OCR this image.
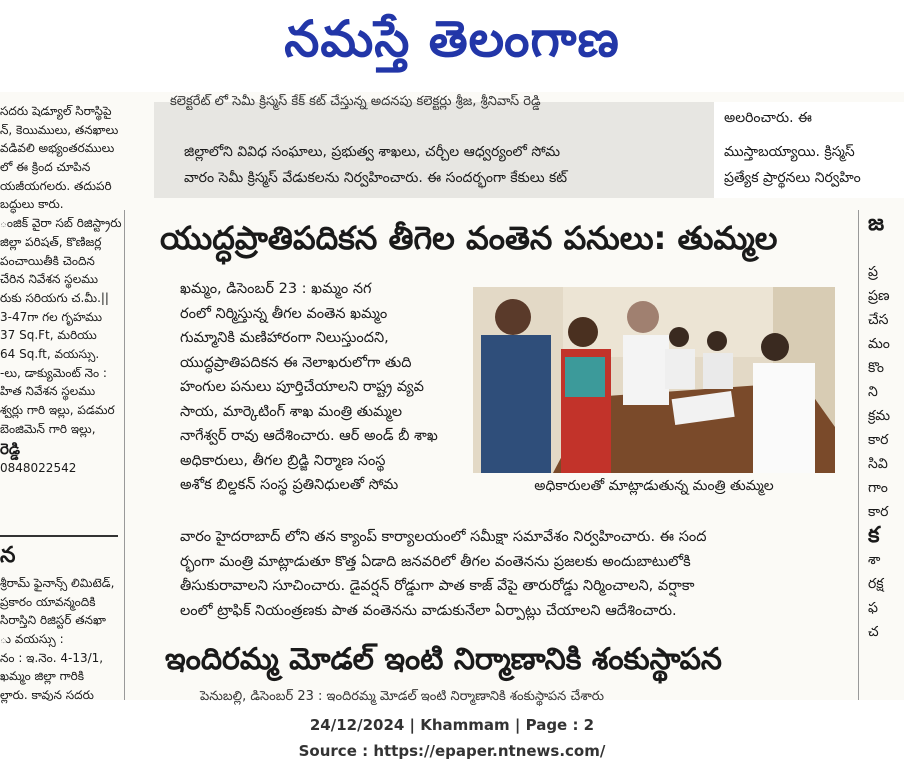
నమస్తే తెలంగాణ
సదరు షెడ్యూల్ సిరాస్థిపై
న్, కెయిములు, తనఖాలు
వడివలి అభ్యంతరములు
లో ఈ క్రింద చూపిన
యజీయగలరు. తదుపరి
బద్ధులు కారు.
ంజిక్ వైరా సబ్ రిజిస్ట్రారు
జిల్లా పరిషత్, కొణిజర్ల
పంచాయితీకి చెందిన
చేరిన నివేశన స్థలము
రుకు సరియగు చ.మీ.||
3-47గా గల గృహము
37 Sq.Ft, మరియు
64 Sq.ft, వయస్సు.
-లు, డాక్యుమెంట్ నెం :
హిత నివేశన స్థలము
శ్వర్లు గారి ఇల్లు, పడమర
బెంజిమెన్ గారి ఇల్లు,
రెడ్డి
0848022542
న
శ్రీరామ్ ఫైనాన్స్ లిమిటెడ్,
ప్రకారం యావన్మందికి
సిరాస్తిని రిజిస్టర్ తనఖా
ు వయస్సు :
నం : ఇ.నెం. 4-13/1,
ఖమ్మం జిల్లా గారికి
ల్లారు. కావున సదరు
కలెక్టరేట్ లో సెమీ క్రిస్మస్ కేక్ కట్ చేస్తున్న అదనపు కలెక్టర్లు శ్రీజ, శ్రీనివాస్ రెడ్డి
జిల్లాలోని వివిధ సంఘాలు, ప్రభుత్వ శాఖలు, చర్చీల ఆధ్వర్యంలో సోమ
వారం సెమీ క్రిస్మస్ వేడుకలను నిర్వహించారు. ఈ సందర్భంగా కేకులు కట్
అలరించారు. ఈ
ముస్తాబయ్యాయి. క్రిస్మస్
ప్రత్యేక ప్రార్థనలు నిర్వహిం
యుద్ధప్రాతిపదికన తీగెల వంతెన పనులు: తుమ్మల
ఖమ్మం, డిసెంబర్ 23 : ఖమ్మం నగ
రంలో నిర్మిస్తున్న తీగల వంతెన ఖమ్మం
గుమ్మానికి మణిహారంగా నిలుస్తుందని,
యుద్ధప్రాతిపదికన ఈ నెలాఖరులోగా తుది
హంగుల పనులు పూర్తిచేయాలని రాష్ట్ర వ్యవ
సాయ, మార్కెటింగ్ శాఖ మంత్రి తుమ్మల
నాగేశ్వర్ రావు ఆదేశించారు. ఆర్ అండ్ బీ శాఖ
అధికారులు, తీగల బ్రిడ్జి నిర్మాణ సంస్థ
అశోక బిల్డకన్ సంస్థ ప్రతినిధులతో సోమ	అధికారులతో మాట్లాడుతున్న మంత్రి తుమ్మల
వారం హైదరాబాద్ లోని తన క్యాంప్ కార్యాలయంలో సమీక్షా సమావేశం నిర్వహించారు. ఈ సంద
ర్భంగా మంత్రి మాట్లాడుతూ కొత్త ఏడాది జనవరిలో తీగల వంతెనను ప్రజలకు అందుబాటులోకి
తీసుకురావాలని సూచించారు. డైవర్షన్ రోడ్డుగా పాత కాజ్ వేపై తారురోడ్డు నిర్మించాలని, వర్షాకా
లంలో ట్రాఫిక్ నియంత్రణకు పాత వంతెనను వాడుకునేలా ఏర్పాట్లు చేయాలని ఆదేశించారు.
ఇందిరమ్మ మోడల్ ఇంటి నిర్మాణానికి శంకుస్థాపన
పెనుబల్లి, డిసెంబర్ 23 : ఇందిరమ్మ మోడల్ ఇంటి నిర్మాణానికి శంకుస్థాపన చేశారు
జ
ప్ర
ప్రణ
చేస
మం
కొం
ని
క్రమ
కార
సివి
గాం
కార
క
శా
రక్ష
ఫ
చ
24/12/2024 | Khammam | Page : 2
Source : https://epaper.ntnews.com/
